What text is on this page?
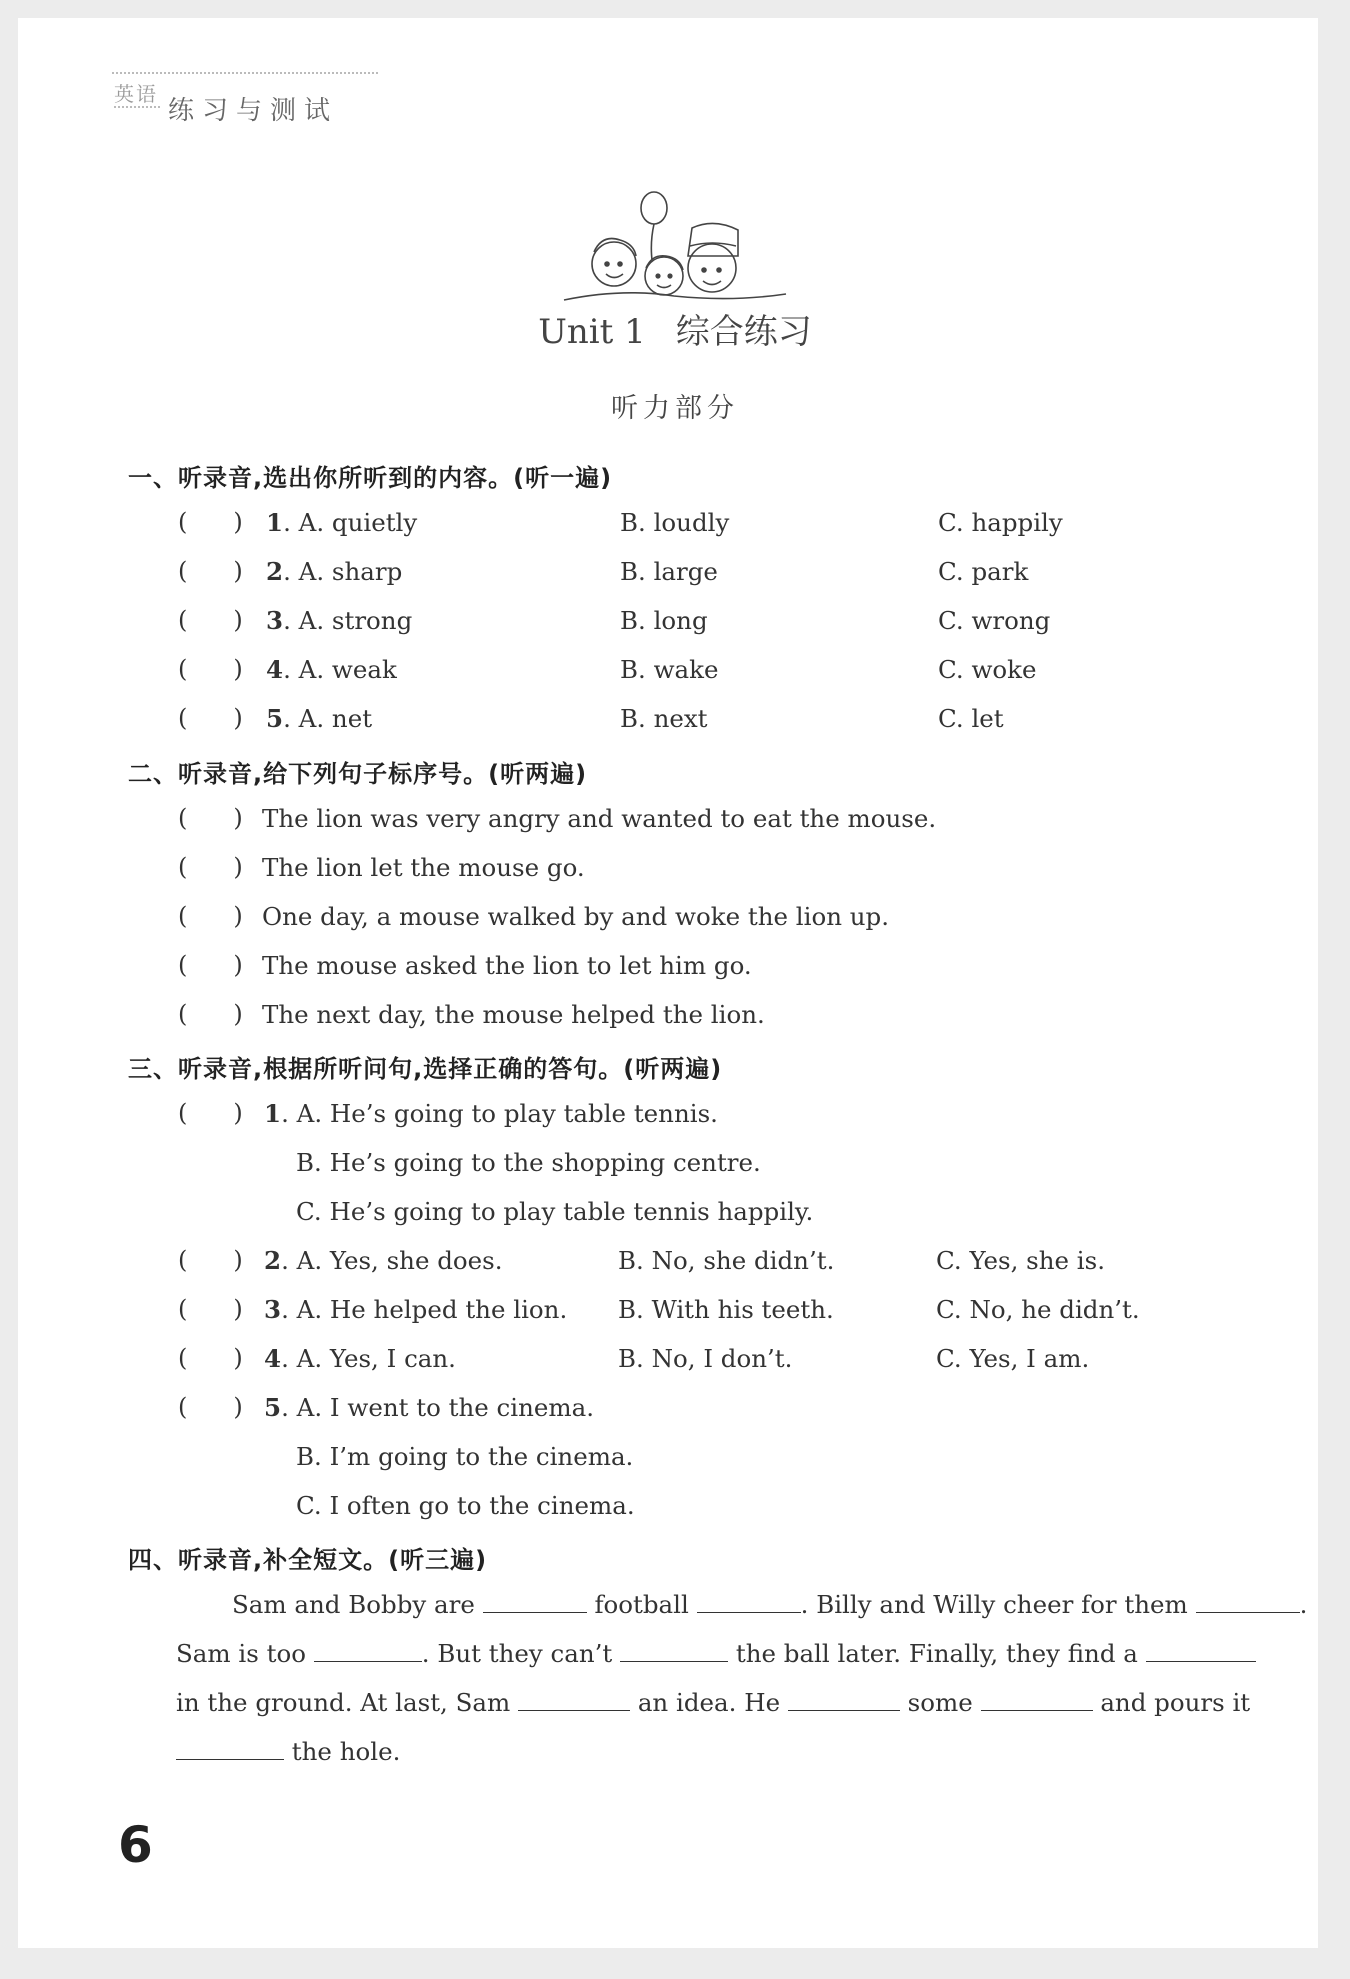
英语
练习与测试
Unit 1 综合练习
听力部分
一、听录音,选出你所听到的内容。(听一遍)
( ) 1. A. quietly	B. loudly	C. happily
( ) 2. A. sharp	B. large	C. park
( ) 3. A. strong	B. long	C. wrong
( ) 4. A. weak	B. wake	C. woke
( ) 5. A. net	B. next	C. let
二、听录音,给下列句子标序号。(听两遍)
( ) The lion was very angry and wanted to eat the mouse.
( ) The lion let the mouse go.
( ) One day, a mouse walked by and woke the lion up.
( ) The mouse asked the lion to let him go.
( ) The next day, the mouse helped the lion.
三、听录音,根据所听问句,选择正确的答句。(听两遍)
( ) 1. A. He’s going to play table tennis.
B. He’s going to the shopping centre.
C. He’s going to play table tennis happily.
( ) 2. A. Yes, she does.	B. No, she didn’t.	C. Yes, she is.
( ) 3. A. He helped the lion. B. With his teeth.	C. No, he didn’t.
( ) 4. A. Yes, I can.	B. No, I don’t.	C. Yes, I am.
( ) 5. A. I went to the cinema.
B. I’m going to the cinema.
C. I often go to the cinema.
四、听录音,补全短文。(听三遍)
Sam and Bobby are	football	. Billy and Willy cheer for them	.
Sam is too	. But they can’t	the ball later. Finally, they find a
in the ground. At last, Sam	an idea. He	some	and pours it
the hole.
6
